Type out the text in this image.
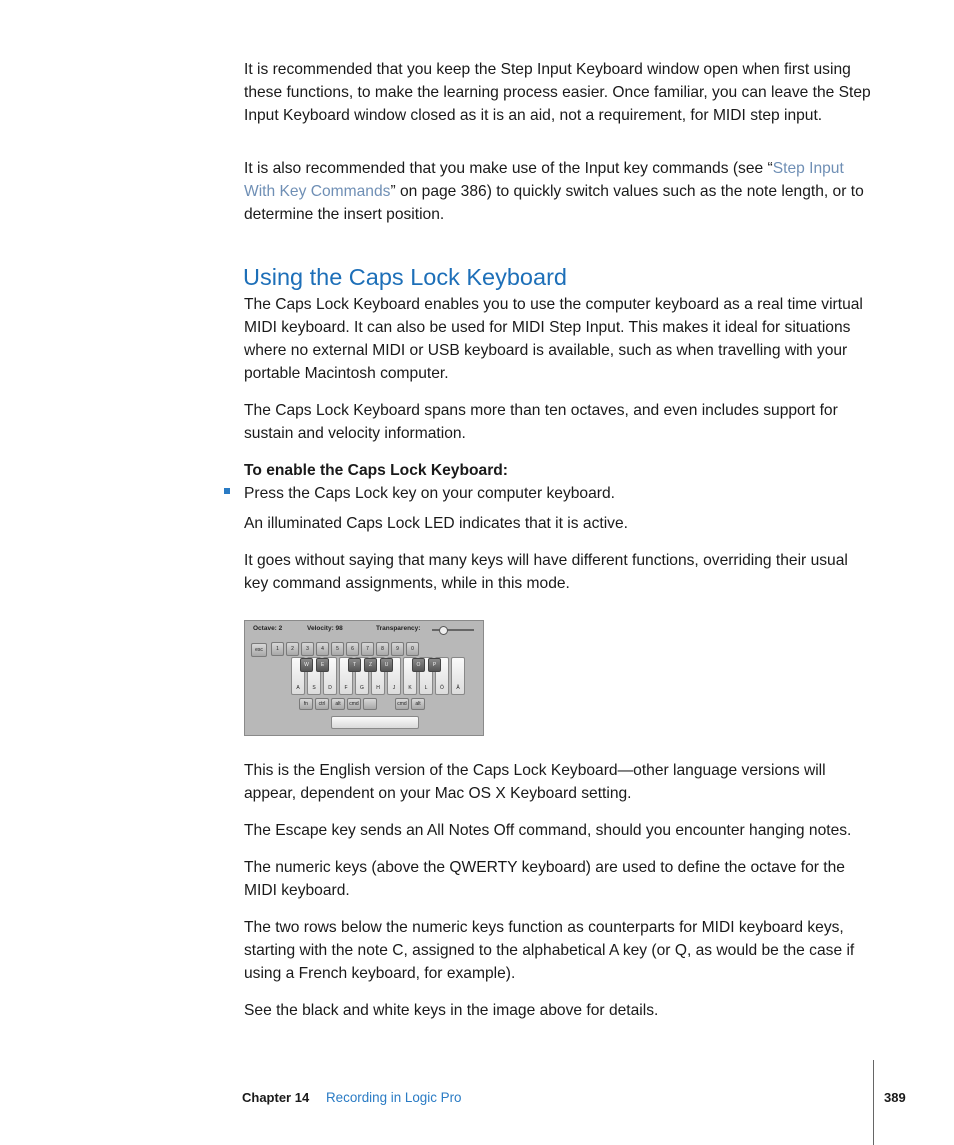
It is recommended that you keep the Step Input Keyboard window open when first using these functions, to make the learning process easier. Once familiar, you can leave the Step Input Keyboard window closed as it is an aid, not a requirement, for MIDI step input.

It is also recommended that you make use of the Input key commands (see “Step Input With Key Commands” on page 386) to quickly switch values such as the note length, or to determine the insert position.

Using the Caps Lock Keyboard

The Caps Lock Keyboard enables you to use the computer keyboard as a real time virtual MIDI keyboard. It can also be used for MIDI Step Input. This makes it ideal for situations where no external MIDI or USB keyboard is available, such as when travelling with your portable Macintosh computer.

The Caps Lock Keyboard spans more than ten octaves, and even includes support for sustain and velocity information.

To enable the Caps Lock Keyboard:

Press the Caps Lock key on your computer keyboard.

An illuminated Caps Lock LED indicates that it is active.

It goes without saying that many keys will have different functions, overriding their usual key command assignments, while in this mode.

Octave: 2	Velocity: 98	Transparency:
esc	1	2	3	4	5	6	7	8	9	0
A	S	D	F	G	H	J	K	L	Ö	Ä
W	E	T	Z	U	O	P
fn	ctrl	alt	cmd	cmd	alt

This is the English version of the Caps Lock Keyboard—other language versions will appear, dependent on your Mac OS X Keyboard setting.

The Escape key sends an All Notes Off command, should you encounter hanging notes.

The numeric keys (above the QWERTY keyboard) are used to define the octave for the MIDI keyboard.

The two rows below the numeric keys function as counterparts for MIDI keyboard keys, starting with the note C, assigned to the alphabetical A key (or Q, as would be the case if using a French keyboard, for example).

See the black and white keys in the image above for details.

Chapter 14 Recording in Logic Pro	389
